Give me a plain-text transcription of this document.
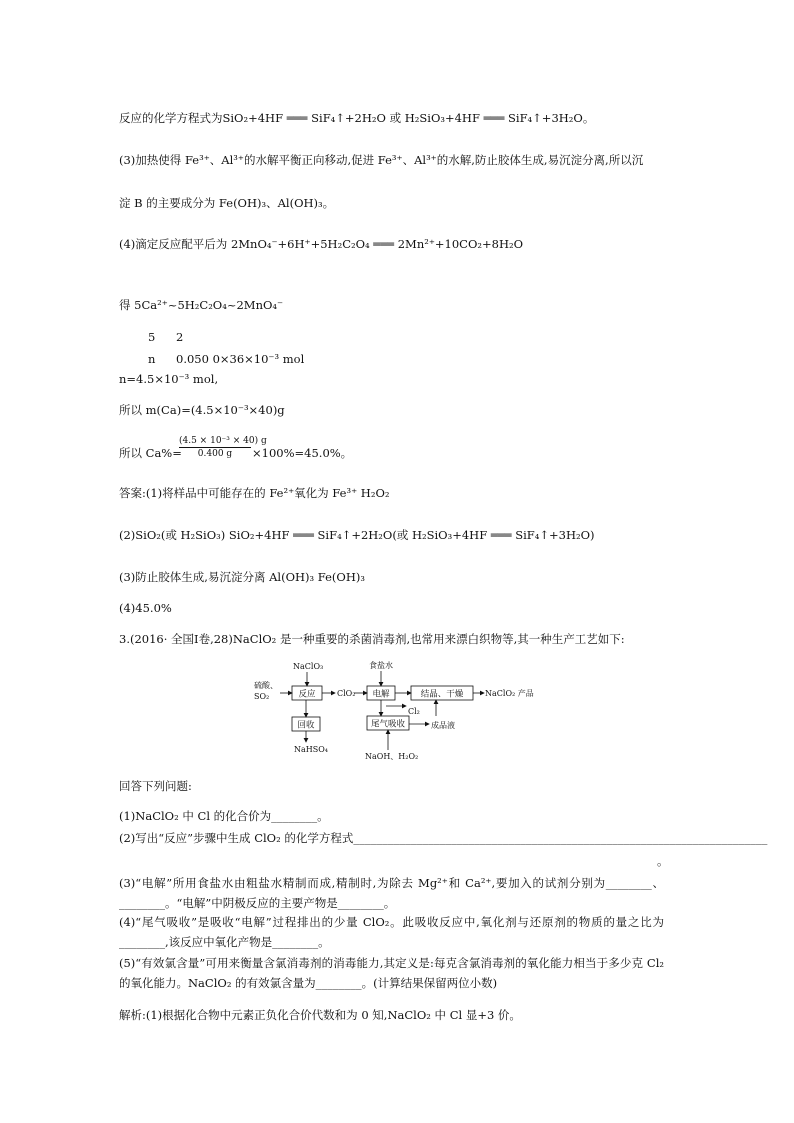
反应的化学方程式为SiO₂+4HF ═══ SiF₄↑+2H₂O 或 H₂SiO₃+4HF ═══ SiF₄↑+3H₂O。
(3)加热使得 Fe³⁺、Al³⁺的水解平衡正向移动,促进 Fe³⁺、Al³⁺的水解,防止胶体生成,易沉淀分离,所以沉
淀 B 的主要成分为 Fe(OH)₃、Al(OH)₃。
(4)滴定反应配平后为 2MnO₄⁻+6H⁺+5H₂C₂O₄ ═══ 2Mn²⁺+10CO₂+8H₂O
得 5Ca²⁺~5H₂C₂O₄~2MnO₄⁻
5 2
n 0.050 0×36×10⁻³ mol
n=4.5×10⁻³ mol,
所以 m(Ca)=(4.5×10⁻³×40)g
所以 Ca%=
$\frac{\text{(4.5 × 10⁻³ × 40) g}}{0.400 g} \times 100\%=45.0\%$。
答案:(1)将样品中可能存在的 Fe²⁺氧化为 Fe³⁺ H₂O₂
(2)SiO₂(或 H₂SiO₃) SiO₂+4HF ═══ SiF₄↑+2H₂O(或 H₂SiO₃+4HF ═══ SiF₄↑+3H₂O)
(3)防止胶体生成,易沉淀分离 Al(OH)₃ Fe(OH)₃
(4)45.0%
3.(2016· 全国Ⅰ卷,28)NaClO₂ 是一种重要的杀菌消毒剂,也常用来漂白织物等,其一种生产工艺如下:
硫酸、
SO₂
NaClO₃
ClO₂
食盐水
NaClO₂ 产品
Cl₂
NaHSO₄
成品液
NaOH、H₂O₂
反应	电解	结晶、干燥
回收	尾气吸收
回答下列问题:
(1)NaClO₂ 中 Cl 的化合价为________。
(2)写出“反应”步骤中生成 ClO₂ 的化学方程式________________________________________________________________________
。
(3)“电解”所用食盐水由粗盐水精制而成,精制时,为除去 Mg²⁺和 Ca²⁺,要加入的试剂分别为________、________。“电解”中阴极反应的主要产物是________。
(4)“尾气吸收”是吸收“电解”过程排出的少量 ClO₂。此吸收反应中,氧化剂与还原剂的物质的量之比为________,该反应中氧化产物是________。
(5)“有效氯含量”可用来衡量含氯消毒剂的消毒能力,其定义是:每克含氯消毒剂的氧化能力相当于多少克 Cl₂ 的氧化能力。NaClO₂ 的有效氯含量为________。(计算结果保留两位小数)
解析:(1)根据化合物中元素正负化合价代数和为 0 知,NaClO₂ 中 Cl 显+3 价。
